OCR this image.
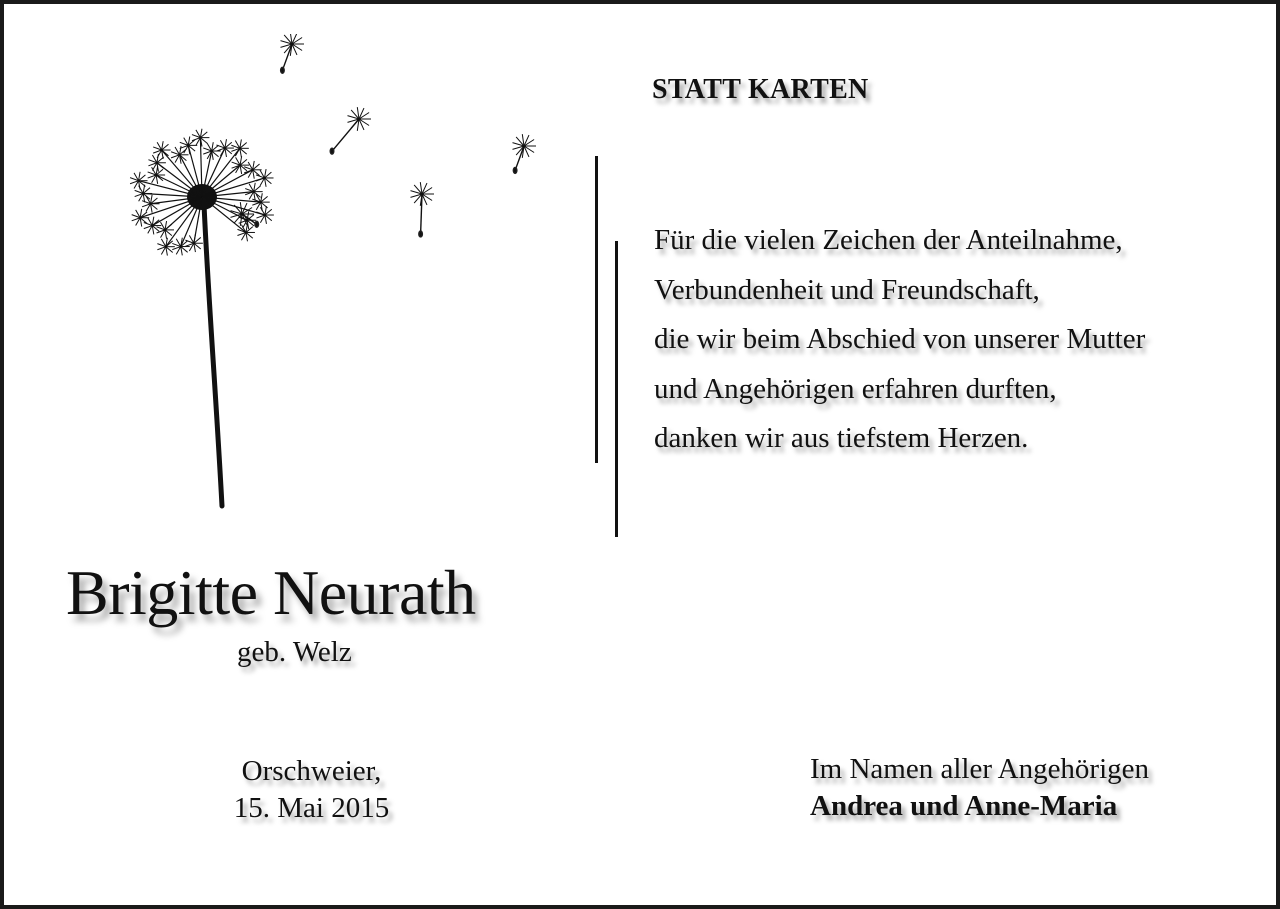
STATT KARTEN
Für die vielen Zeichen der Anteilnahme,
Verbundenheit und Freundschaft,
die wir beim Abschied von unserer Mutter
und Angehörigen erfahren durften,
danken wir aus tiefstem Herzen.
Brigitte Neurath
geb. Welz
Orschweier,
15. Mai 2015
Im Namen aller Angehörigen
Andrea und Anne-Maria
